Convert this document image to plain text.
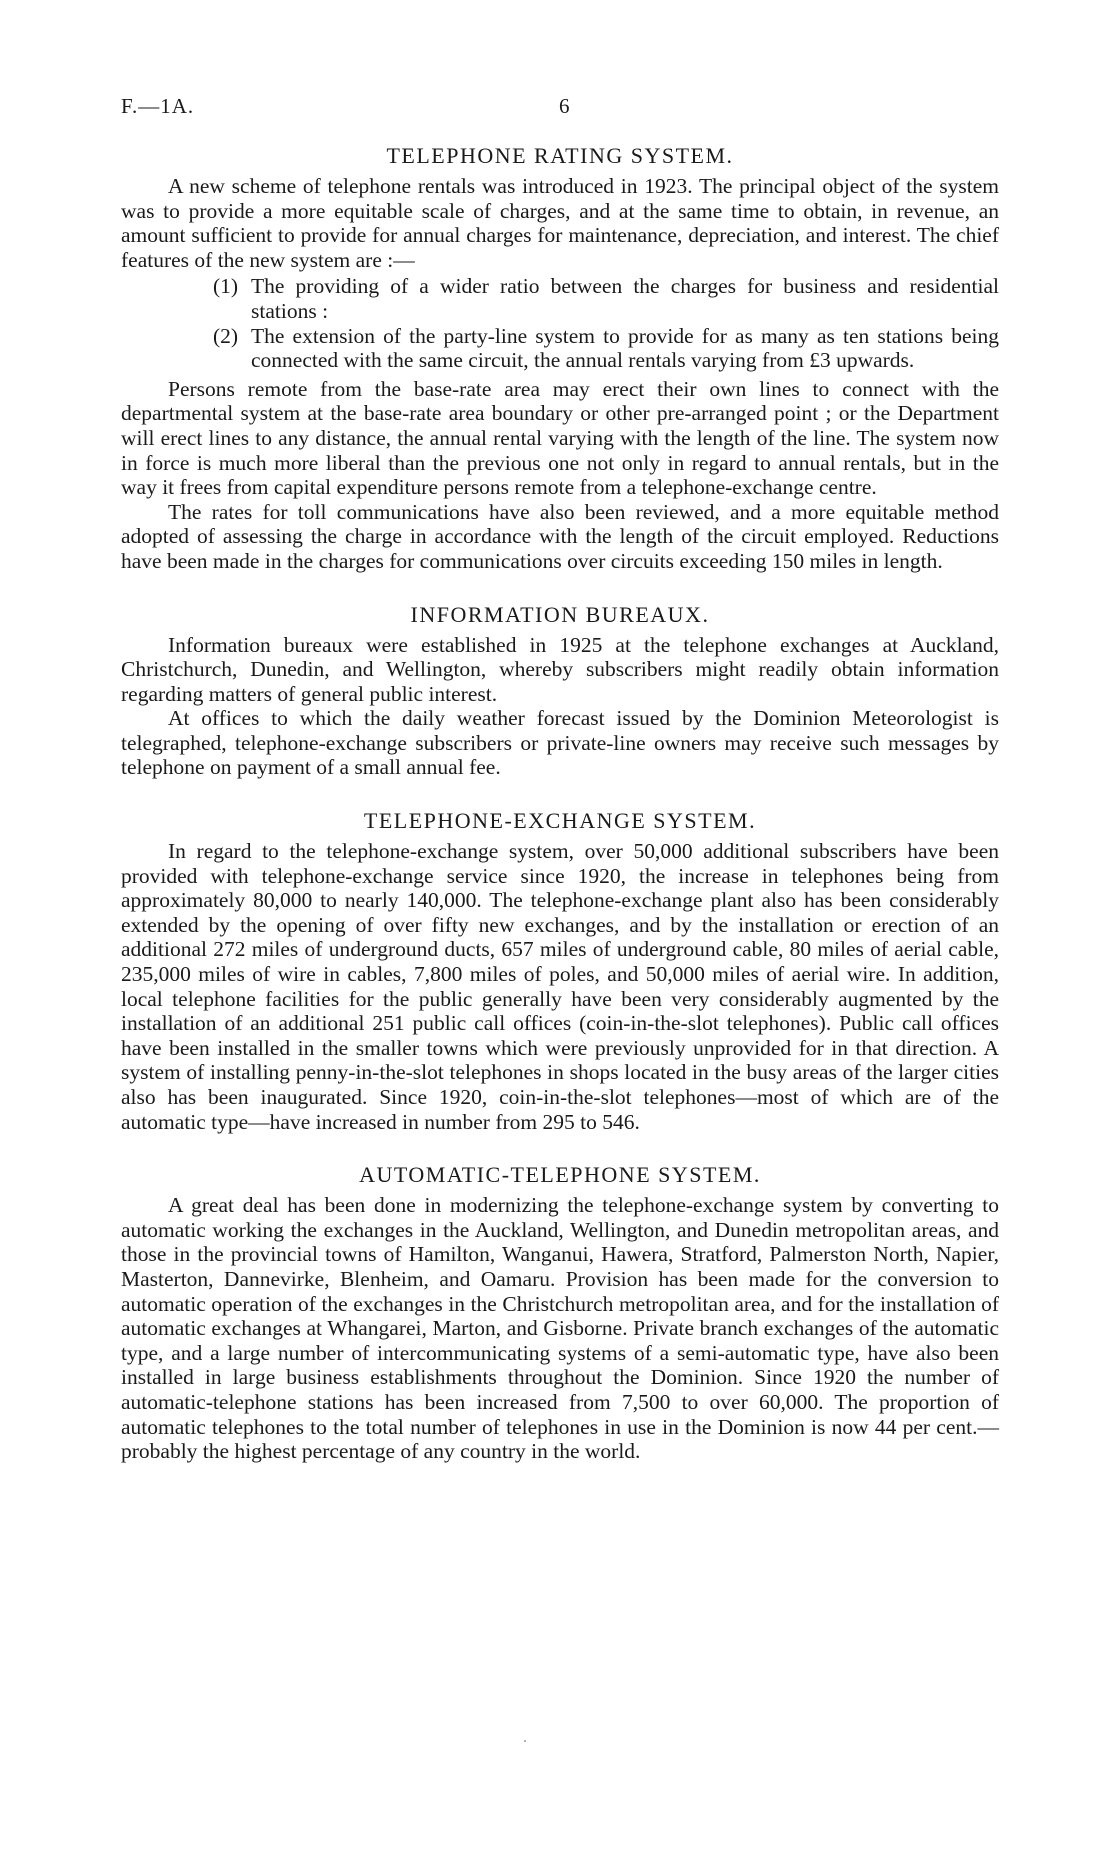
F.—1A.	6
TELEPHONE RATING SYSTEM.

A new scheme of telephone rentals was introduced in 1923. The principal object of the system was to provide a more equitable scale of charges, and at the same time to obtain, in revenue, an amount sufficient to provide for annual charges for maintenance, depreciation, and interest. The chief features of the new system are :—

(1) The providing of a wider ratio between the charges for business and residential stations :
(2) The extension of the party-line system to provide for as many as ten stations being connected with the same circuit, the annual rentals varying from £3 upwards.

Persons remote from the base-rate area may erect their own lines to connect with the departmental system at the base-rate area boundary or other pre-arranged point ; or the Department will erect lines to any distance, the annual rental varying with the length of the line. The system now in force is much more liberal than the previous one not only in regard to annual rentals, but in the way it frees from capital expenditure persons remote from a telephone-exchange centre.

The rates for toll communications have also been reviewed, and a more equitable method adopted of assessing the charge in accordance with the length of the circuit employed. Reductions have been made in the charges for communications over circuits exceeding 150 miles in length.

INFORMATION BUREAUX.

Information bureaux were established in 1925 at the telephone exchanges at Auckland, Christchurch, Dunedin, and Wellington, whereby subscribers might readily obtain information regarding matters of general public interest.

At offices to which the daily weather forecast issued by the Dominion Meteorologist is telegraphed, telephone-exchange subscribers or private-line owners may receive such messages by telephone on payment of a small annual fee.

TELEPHONE-EXCHANGE SYSTEM.

In regard to the telephone-exchange system, over 50,000 additional subscribers have been provided with telephone-exchange service since 1920, the increase in telephones being from approximately 80,000 to nearly 140,000. The telephone-exchange plant also has been considerably extended by the opening of over fifty new exchanges, and by the installation or erection of an additional 272 miles of underground ducts, 657 miles of underground cable, 80 miles of aerial cable, 235,000 miles of wire in cables, 7,800 miles of poles, and 50,000 miles of aerial wire. In addition, local telephone facilities for the public generally have been very considerably augmented by the installation of an additional 251 public call offices (coin-in-the-slot telephones). Public call offices have been installed in the smaller towns which were previously unprovided for in that direction. A system of installing penny-in-the-slot telephones in shops located in the busy areas of the larger cities also has been inaugurated. Since 1920, coin-in-the-slot telephones—most of which are of the automatic type—have increased in number from 295 to 546.

AUTOMATIC-TELEPHONE SYSTEM.

A great deal has been done in modernizing the telephone-exchange system by converting to automatic working the exchanges in the Auckland, Wellington, and Dunedin metropolitan areas, and those in the provincial towns of Hamilton, Wanganui, Hawera, Stratford, Palmerston North, Napier, Masterton, Dannevirke, Blenheim, and Oamaru. Provision has been made for the conversion to automatic operation of the exchanges in the Christchurch metropolitan area, and for the installation of automatic exchanges at Whangarei, Marton, and Gisborne. Private branch exchanges of the automatic type, and a large number of intercommunicating systems of a semi-automatic type, have also been installed in large business establishments throughout the Dominion. Since 1920 the number of automatic-telephone stations has been increased from 7,500 to over 60,000. The proportion of automatic telephones to the total number of telephones in use in the Dominion is now 44 per cent.—probably the highest percentage of any country in the world.
